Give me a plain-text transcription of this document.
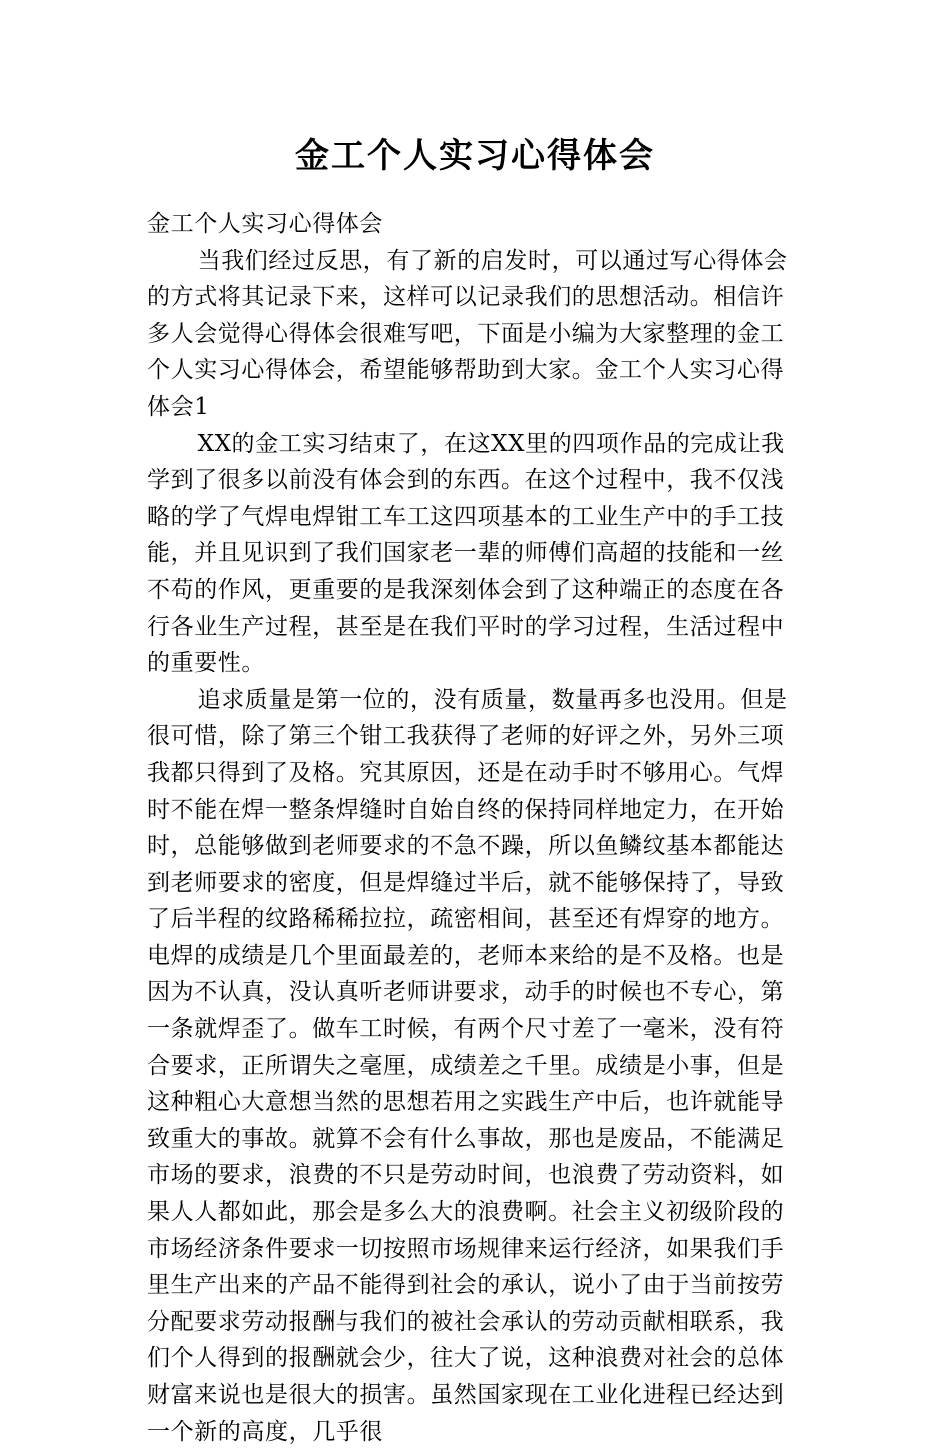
金工个人实习心得体会

金工个人实习心得体会

当我们经过反思，有了新的启发时，可以通过写心得体会的方式将其记录下来，这样可以记录我们的思想活动。相信许多人会觉得心得体会很难写吧，下面是小编为大家整理的金工个人实习心得体会，希望能够帮助到大家。金工个人实习心得体会1

XX的金工实习结束了，在这XX里的四项作品的完成让我学到了很多以前没有体会到的东西。在这个过程中，我不仅浅略的学了气焊电焊钳工车工这四项基本的工业生产中的手工技能，并且见识到了我们国家老一辈的师傅们高超的技能和一丝不苟的作风，更重要的是我深刻体会到了这种端正的态度在各行各业生产过程，甚至是在我们平时的学习过程，生活过程中的重要性。

追求质量是第一位的，没有质量，数量再多也没用。但是很可惜，除了第三个钳工我获得了老师的好评之外，另外三项我都只得到了及格。究其原因，还是在动手时不够用心。气焊时不能在焊一整条焊缝时自始自终的保持同样地定力，在开始时，总能够做到老师要求的不急不躁，所以鱼鳞纹基本都能达到老师要求的密度，但是焊缝过半后，就不能够保持了，导致了后半程的纹路稀稀拉拉，疏密相间，甚至还有焊穿的地方。电焊的成绩是几个里面最差的，老师本来给的是不及格。也是因为不认真，没认真听老师讲要求，动手的时候也不专心，第一条就焊歪了。做车工时候，有两个尺寸差了一毫米，没有符合要求，正所谓失之毫厘，成绩差之千里。成绩是小事，但是这种粗心大意想当然的思想若用之实践生产中后，也许就能导致重大的事故。就算不会有什么事故，那也是废品，不能满足市场的要求，浪费的不只是劳动时间，也浪费了劳动资料，如果人人都如此，那会是多么大的浪费啊。社会主义初级阶段的市场经济条件要求一切按照市场规律来运行经济，如果我们手里生产出来的产品不能得到社会的承认，说小了由于当前按劳分配要求劳动报酬与我们的被社会承认的劳动贡献相联系，我们个人得到的报酬就会少，往大了说，这种浪费对社会的总体财富来说也是很大的损害。虽然国家现在工业化进程已经达到一个新的高度，几乎很
